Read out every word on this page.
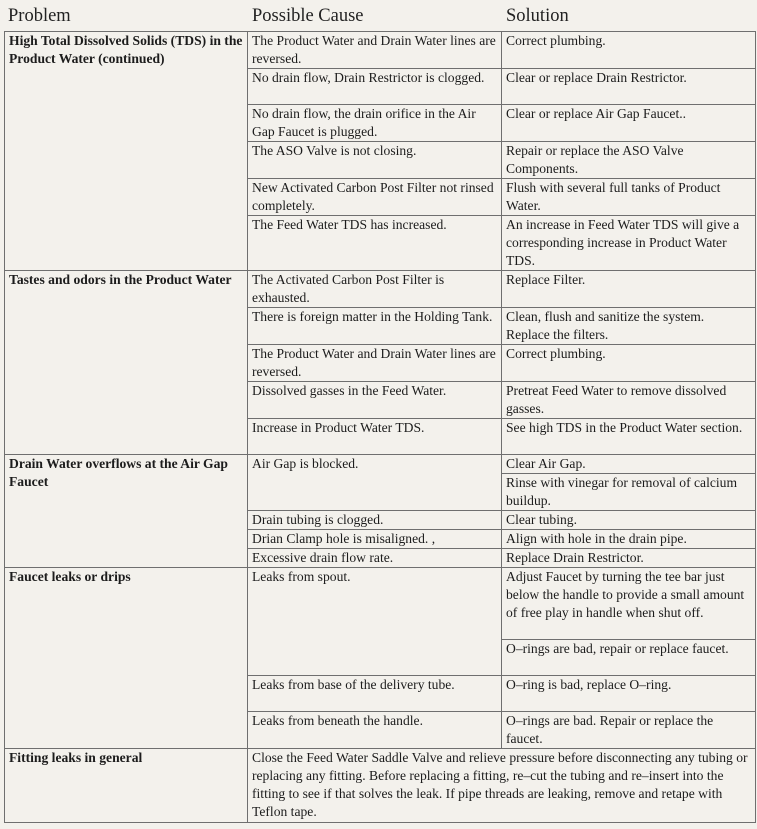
Problem	Possible Cause	Solution
High Total Dissolved Solids (TDS) in the Product Water (continued)	The Product Water and Drain Water lines are reversed.	Correct plumbing.
	No drain flow, Drain Restrictor is clogged.	Clear or replace Drain Restrictor.
	No drain flow, the drain orifice in the Air Gap Faucet is plugged.	Clear or replace Air Gap Faucet..
	The ASO Valve is not closing.	Repair or replace the ASO Valve Components.
	New Activated Carbon Post Filter not rinsed completely.	Flush with several full tanks of Product Water.
	The Feed Water TDS has increased.	An increase in Feed Water TDS will give a corresponding increase in Product Water TDS.
Tastes and odors in the Product Water	The Activated Carbon Post Filter is exhausted.	Replace Filter.
	There is foreign matter in the Holding Tank.	Clean, flush and sanitize the system. Replace the filters.
	The Product Water and Drain Water lines are reversed.	Correct plumbing.
	Dissolved gasses in the Feed Water.	Pretreat Feed Water to remove dissolved gasses.
	Increase in Product Water TDS.	See high TDS in the Product Water section.
Drain Water overflows at the Air Gap Faucet	Air Gap is blocked.	Clear Air Gap.
		Rinse with vinegar for removal of calcium buildup.
	Drain tubing is clogged.	Clear tubing.
	Drian Clamp hole is misaligned. ,	Align with hole in the drain pipe.
	Excessive drain flow rate.	Replace Drain Restrictor.
Faucet leaks or drips	Leaks from spout.	Adjust Faucet by turning the tee bar just below the handle to provide a small amount of free play in handle when shut off.
		O–rings are bad, repair or replace faucet.
	Leaks from base of the delivery tube.	O–ring is bad, replace O–ring.
	Leaks from beneath the handle.	O–rings are bad. Repair or replace the faucet.
Fitting leaks in general	Close the Feed Water Saddle Valve and relieve pressure before disconnecting any tubing or replacing any fitting. Before replacing a fitting, re–cut the tubing and re–insert into the fitting to see if that solves the leak. If pipe threads are leaking, remove and retape with Teflon tape.	
